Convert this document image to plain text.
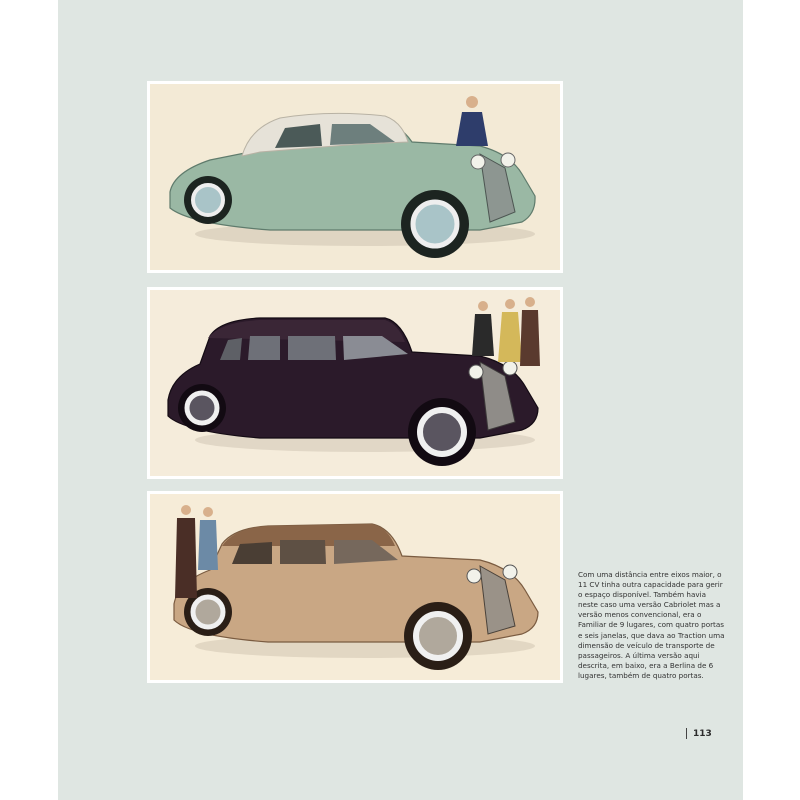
Com uma distância entre eixos maior, o 11 CV tinha outra capacidade para gerir o espaço disponível. Também havia neste caso uma versão Cabriolet mas a versão menos convencional, era o Familiar de 9 lugares, com quatro portas e seis janelas, que dava ao Traction uma dimensão de veículo de transporte de passageiros. A última versão aqui descrita, em baixo, era a Berlina de 6 lugares, também de quatro portas.

113
